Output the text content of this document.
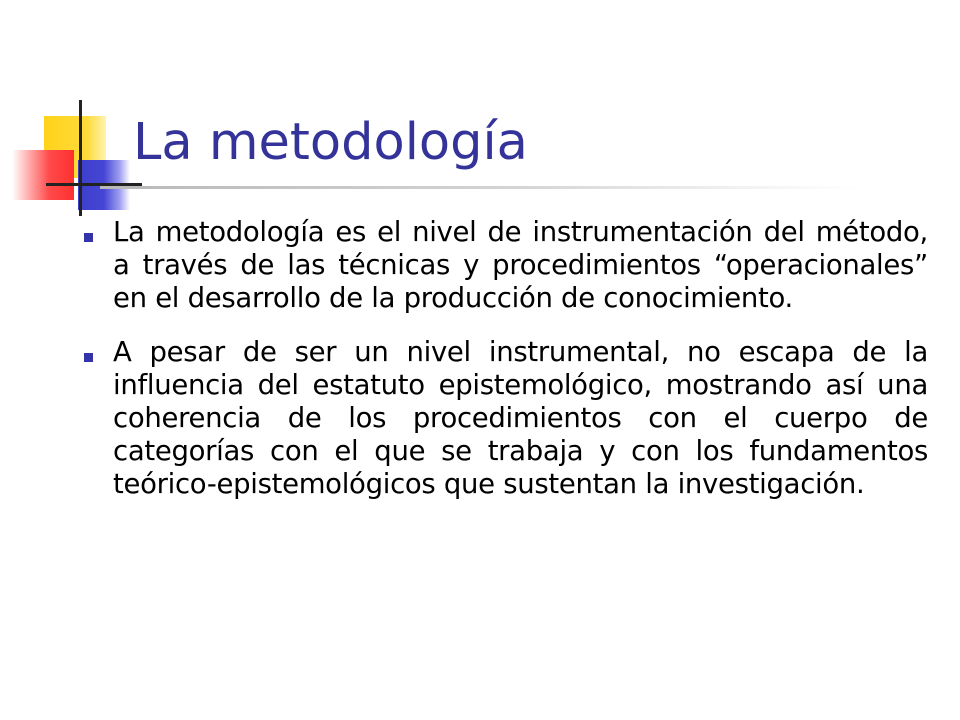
La metodología
La metodología es el nivel de instrumentación del método, a través de las técnicas y procedimientos “operacionales” en el desarrollo de la producción de conocimiento.
A pesar de ser un nivel instrumental, no escapa de la influencia del estatuto epistemológico, mostrando así una coherencia de los procedimientos con el cuerpo de categorías con el que se trabaja y con los fundamentos teórico-epistemológicos que sustentan la investigación.
